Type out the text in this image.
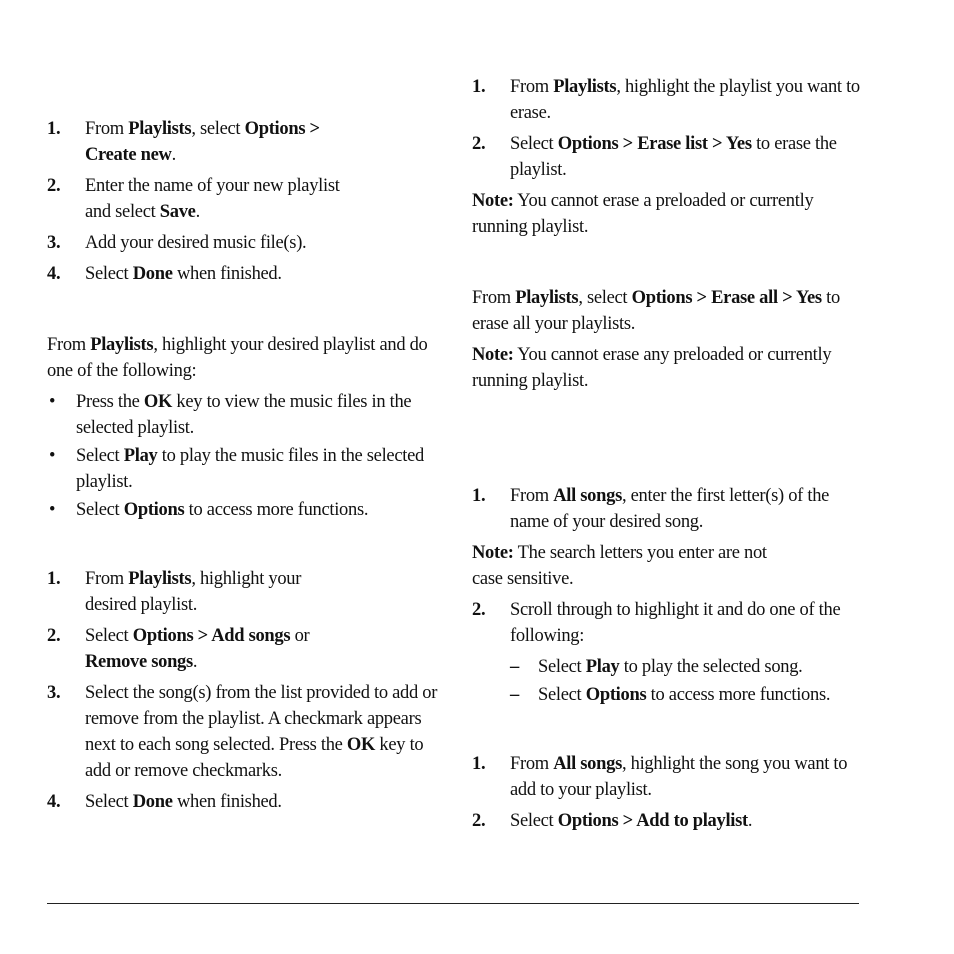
1. From Playlists, select Options >
Create new.
2. Enter the name of your new playlist
and select Save.
3. Add your desired music file(s).
4. Select Done when finished.

From Playlists, highlight your desired playlist and do one of the following:

• Press the OK key to view the music files in the selected playlist.
• Select Play to play the music files in the selected playlist.
• Select Options to access more functions.
1. From Playlists, highlight your
desired playlist.
2. Select Options > Add songs or
Remove songs.
3. Select the song(s) from the list provided to add or remove from the playlist. A checkmark appears next to each song selected. Press the OK key to add or remove checkmarks.
4. Select Done when finished.
1. From Playlists, highlight the playlist you want to erase.
2. Select Options > Erase list > Yes to erase the playlist.

Note: You cannot erase a preloaded or currently running playlist.

From Playlists, select Options > Erase all > Yes to erase all your playlists.

Note: You cannot erase any preloaded or currently running playlist.

1. From All songs, enter the first letter(s) of the name of your desired song.

Note: The search letters you enter are not
case sensitive.

2. Scroll through to highlight it and do one of the following:
– Select Play to play the selected song.
– Select Options to access more functions.
1. From All songs, highlight the song you want to add to your playlist.
2. Select Options > Add to playlist.
